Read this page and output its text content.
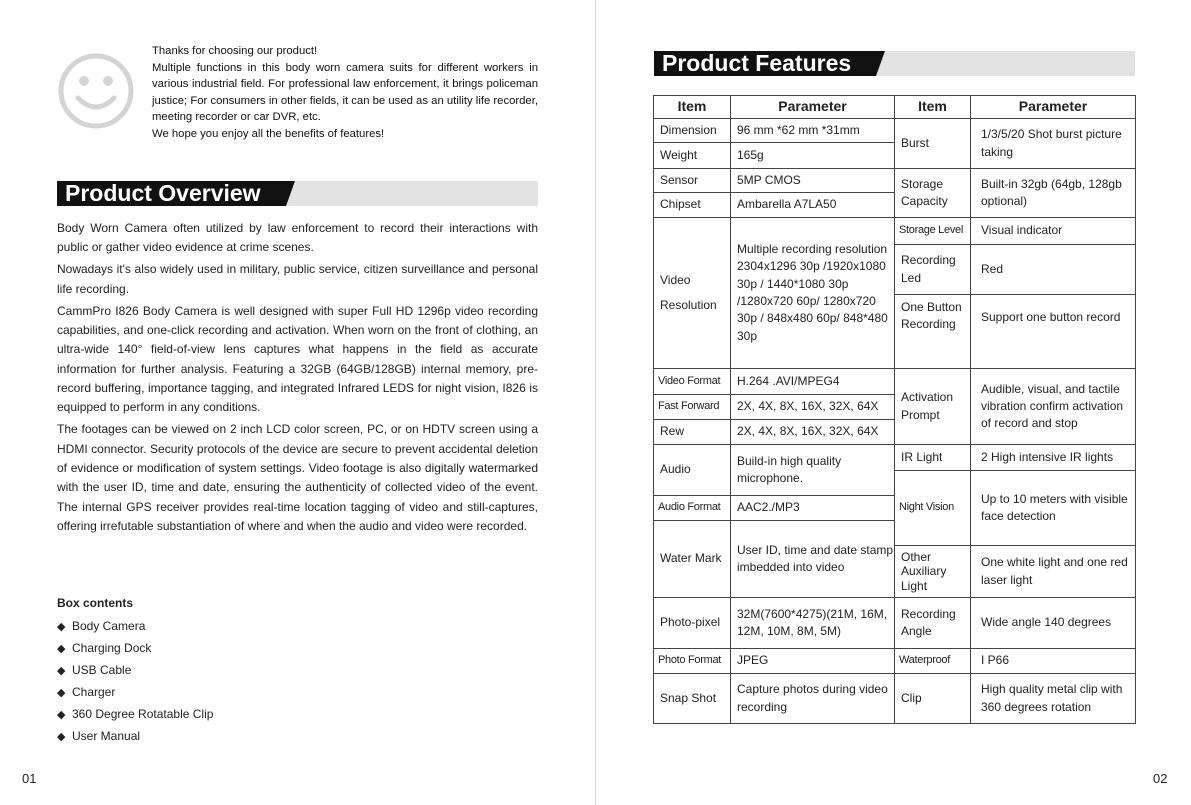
Thanks for choosing our product!

Multiple functions in this body worn camera suits for different workers in various industrial field. For professional law enforcement, it brings policeman justice; For consumers in other fields, it can be used as an utility life recorder, meeting recorder or car DVR, etc.

We hope you enjoy all the benefits of features!

Product Overview

Body Worn Camera often utilized by law enforcement to record their interactions with public or gather video evidence at crime scenes.

Nowadays it's also widely used in military, public service, citizen surveillance and personal life recording.

CammPro I826 Body Camera is well designed with super Full HD 1296p video recording capabilities, and one-click recording and activation. When worn on the front of clothing, an ultra-wide 140° field-of-view lens captures what happens in the field as accurate information for further analysis. Featuring a 32GB (64GB/128GB) internal memory, pre-record buffering, importance tagging, and integrated Infrared LEDS for night vision, I826 is equipped to perform in any conditions.

The footages can be viewed on 2 inch LCD color screen, PC, or on HDTV screen using a HDMI connector. Security protocols of the device are secure to prevent accidental deletion of evidence or modification of system settings. Video footage is also digitally watermarked with the user ID, time and date, ensuring the authenticity of collected video of the event. The internal GPS receiver provides real-time location tagging of video and still-captures, offering irrefutable substantiation of where and when the audio and video were recorded.

Box contents
◆ Body Camera
◆ Charging Dock
◆ USB Cable
◆ Charger
◆ 360 Degree Rotatable Clip
◆ User Manual
01	02
Product Features
Item	Parameter	Item	Parameter
Dimension	96 mm *62 mm *31mm	Burst	1/3/5/20 Shot burst picture taking
Weight	165g		
Sensor	5MP CMOS	Storage Capacity	Built-in 32gb (64gb, 128gb optional)
Chipset	Ambarella A7LA50		
Video
Resolution	Multiple recording resolution 2304x1296 30p /1920x1080 30p / 1440*1080 30p /1280x720 60p/ 1280x720 30p / 848x480 60p/ 848*480 30p	Storage Level	Visual indicator
		Recording Led	Red
		One Button Recording	Support one button record
Video Format	H.264 .AVI/MPEG4	Activation Prompt	Audible, visual, and tactile vibration confirm activation of record and stop
Fast Forward	2X, 4X, 8X, 16X, 32X, 64X		
Rew	2X, 4X, 8X, 16X, 32X, 64X		
Audio	Build-in high quality microphone.	IR Light	2 High intensive IR lights
		Night Vision	Up to 10 meters with visible face detection
Audio Format	AAC2./MP3		
Water Mark	User ID, time and date stamp imbedded into video		
		Other Auxiliary Light	One white light and one red laser light
Photo-pixel	32M(7600*4275)(21M, 16M, 12M, 10M, 8M, 5M)	Recording Angle	Wide angle 140 degrees
Photo Format	JPEG	Waterproof	I P66
Snap Shot	Capture photos during video recording	Clip	High quality metal clip with 360 degrees rotation
